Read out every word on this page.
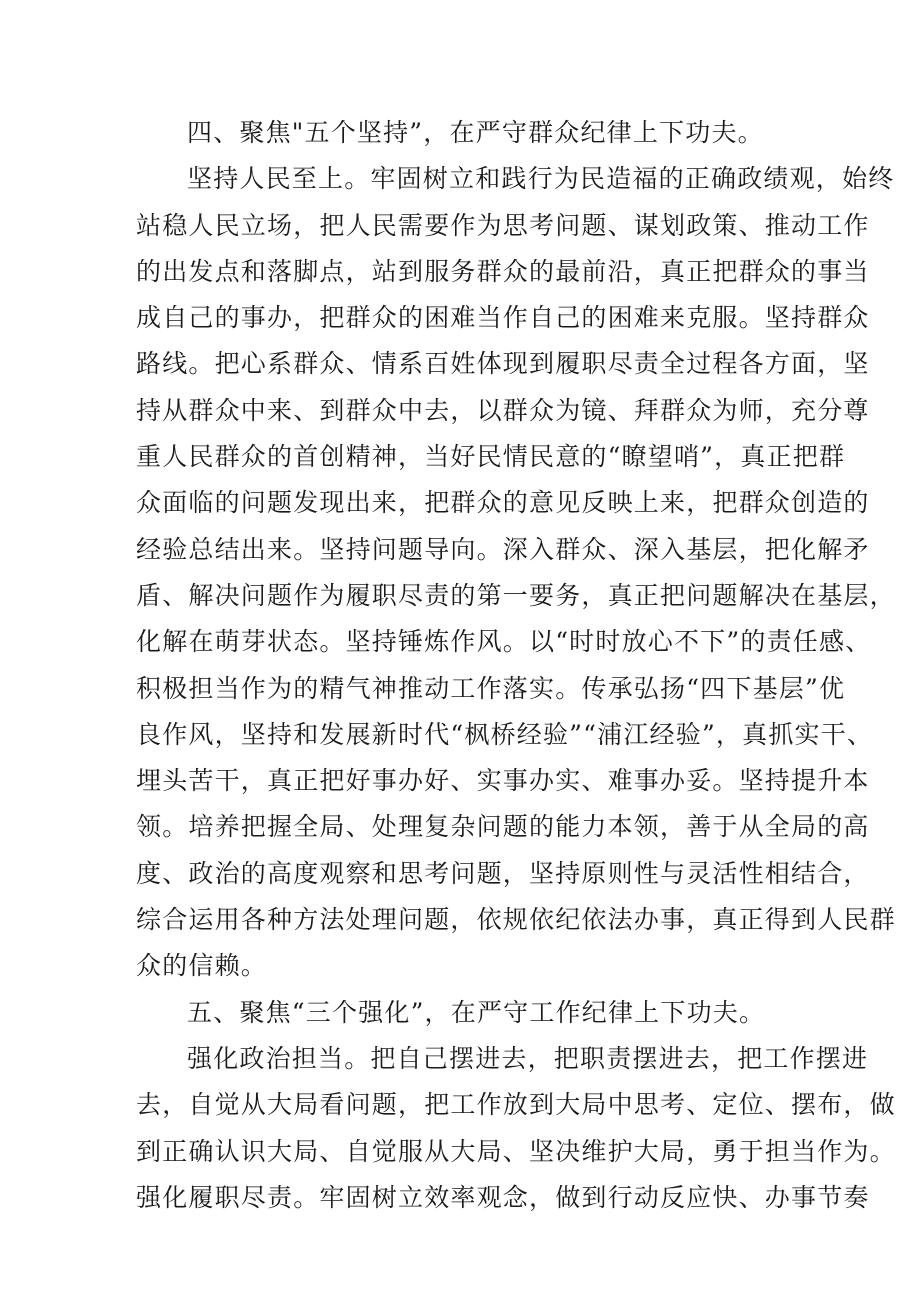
四、聚焦"五个坚持”，在严守群众纪律上下功夫。
坚持人民至上。牢固树立和践行为民造福的正确政绩观，始终
站稳人民立场，把人民需要作为思考问题、谋划政策、推动工作
的出发点和落脚点，站到服务群众的最前沿，真正把群众的事当
成自己的事办，把群众的困难当作自己的困难来克服。坚持群众
路线。把心系群众、情系百姓体现到履职尽责全过程各方面，坚
持从群众中来、到群众中去，以群众为镜、拜群众为师，充分尊
重人民群众的首创精神，当好民情民意的“瞭望哨”，真正把群
众面临的问题发现出来，把群众的意见反映上来，把群众创造的
经验总结出来。坚持问题导向。深入群众、深入基层，把化解矛
盾、解决问题作为履职尽责的第一要务，真正把问题解决在基层，
化解在萌芽状态。坚持锤炼作风。以“时时放心不下”的责任感、
积极担当作为的精气神推动工作落实。传承弘扬“四下基层”优
良作风，坚持和发展新时代“枫桥经验”“浦江经验”，真抓实干、
埋头苦干，真正把好事办好、实事办实、难事办妥。坚持提升本
领。培养把握全局、处理复杂问题的能力本领，善于从全局的高
度、政治的高度观察和思考问题，坚持原则性与灵活性相结合，
综合运用各种方法处理问题，依规依纪依法办事，真正得到人民群
众的信赖。
五、聚焦“三个强化”，在严守工作纪律上下功夫。
强化政治担当。把自己摆进去，把职责摆进去，把工作摆进
去，自觉从大局看问题，把工作放到大局中思考、定位、摆布，做
到正确认识大局、自觉服从大局、坚决维护大局，勇于担当作为。
强化履职尽责。牢固树立效率观念，做到行动反应快、办事节奏
